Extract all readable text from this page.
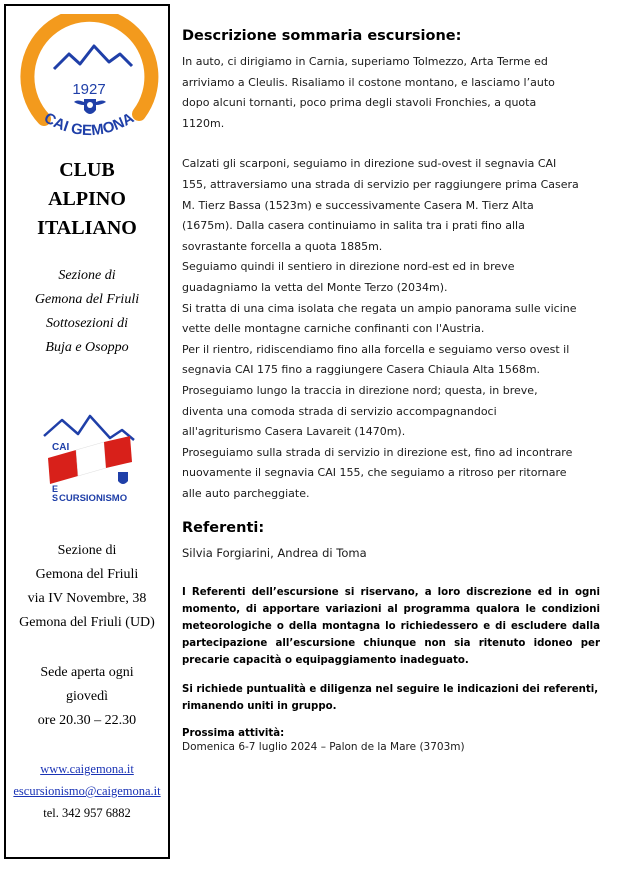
1927
CAI GEMONA
CLUB
ALPINO
ITALIANO
Sezione di
Gemona del Friuli
Sottosezioni di
Buja e Osoppo
CAI
E
S CURSIONISMO
Sezione di
Gemona del Friuli
via IV Novembre, 38
Gemona del Friuli (UD)
Sede aperta ogni
giovedì
ore 20.30 – 22.30
www.caigemona.it
escursionismo@caigemona.it
tel. 342 957 6882
Descrizione sommaria escursione:
In auto, ci dirigiamo in Carnia, superiamo Tolmezzo, Arta Terme ed
arriviamo a Cleulis. Risaliamo il costone montano, e lasciamo l’auto
dopo alcuni tornanti, poco prima degli stavoli Fronchies, a quota
1120m.
Calzati gli scarponi, seguiamo in direzione sud-ovest il segnavia CAI
155, attraversiamo una strada di servizio per raggiungere prima Casera
M. Tierz Bassa (1523m) e successivamente Casera M. Tierz Alta
(1675m). Dalla casera continuiamo in salita tra i prati fino alla
sovrastante forcella a quota 1885m.
Seguiamo quindi il sentiero in direzione nord-est ed in breve
guadagniamo la vetta del Monte Terzo (2034m).
Si tratta di una cima isolata che regata un ampio panorama sulle vicine
vette delle montagne carniche confinanti con l'Austria.
Per il rientro, ridiscendiamo fino alla forcella e seguiamo verso ovest il
segnavia CAI 175 fino a raggiungere Casera Chiaula Alta 1568m.
Proseguiamo lungo la traccia in direzione nord; questa, in breve,
diventa una comoda strada di servizio accompagnandoci
all'agriturismo Casera Lavareit (1470m).
Proseguiamo sulla strada di servizio in direzione est, fino ad incontrare
nuovamente il segnavia CAI 155, che seguiamo a ritroso per ritornare
alle auto parcheggiate.
Referenti:
Silvia Forgiarini, Andrea di Toma
I Referenti dell’escursione si riservano, a loro discrezione ed in ogni momento, di apportare variazioni al programma qualora le condizioni meteorologiche o della montagna lo richiedessero e di escludere dalla partecipazione all’escursione chiunque non sia ritenuto idoneo per precarie capacità o equipaggiamento inadeguato.
Si richiede puntualità e diligenza nel seguire le indicazioni dei referenti, rimanendo uniti in gruppo.
Prossima attività:
Domenica 6-7 luglio 2024 – Palon de la Mare (3703m)
